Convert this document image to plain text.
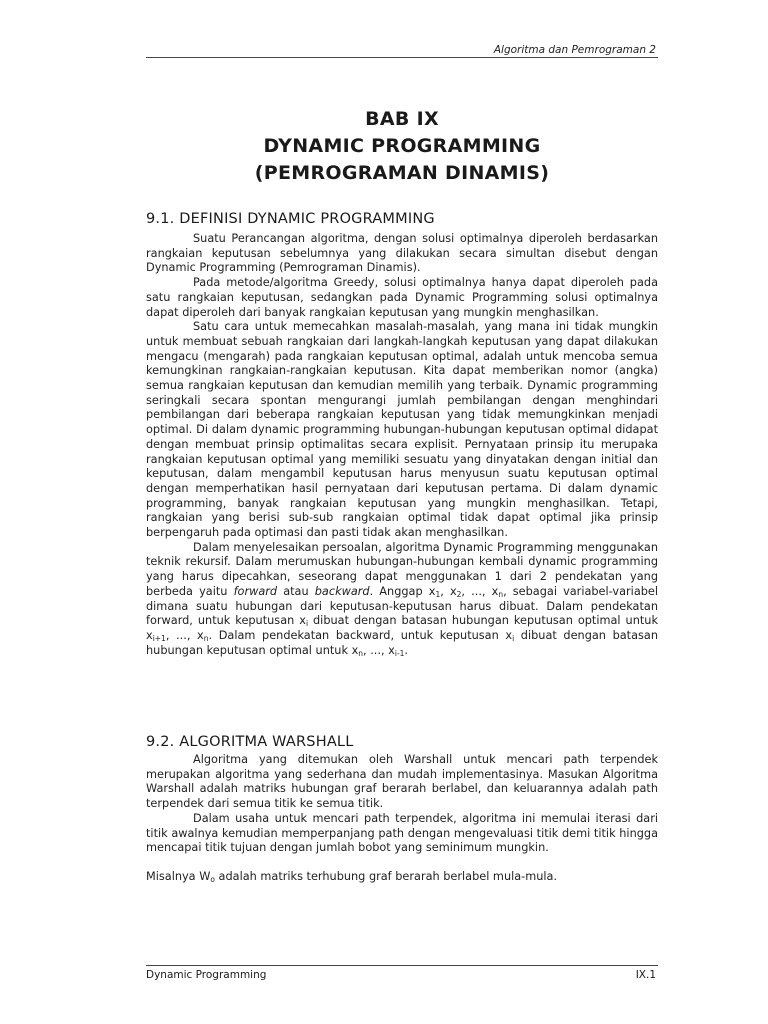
Algoritma dan Pemrograman 2
BAB IX
DYNAMIC PROGRAMMING
(PEMROGRAMAN DINAMIS)
9.1. DEFINISI DYNAMIC PROGRAMMING

Suatu Perancangan algoritma, dengan solusi optimalnya diperoleh berdasarkan rangkaian keputusan sebelumnya yang dilakukan secara simultan disebut dengan Dynamic Programming (Pemrograman Dinamis).

Pada metode/algoritma Greedy, solusi optimalnya hanya dapat diperoleh pada satu rangkaian keputusan, sedangkan pada Dynamic Programming solusi optimalnya dapat diperoleh dari banyak rangkaian keputusan yang mungkin menghasilkan.

Satu cara untuk memecahkan masalah-masalah, yang mana ini tidak mungkin untuk membuat sebuah rangkaian dari langkah-langkah keputusan yang dapat dilakukan mengacu (mengarah) pada rangkaian keputusan optimal, adalah untuk mencoba semua kemungkinan rangkaian-rangkaian keputusan. Kita dapat memberikan nomor (angka) semua rangkaian keputusan dan kemudian memilih yang terbaik. Dynamic programming seringkali secara spontan mengurangi jumlah pembilangan dengan menghindari pembilangan dari beberapa rangkaian keputusan yang tidak memungkinkan menjadi optimal. Di dalam dynamic programming hubungan-hubungan keputusan optimal didapat dengan membuat prinsip optimalitas secara explisit. Pernyataan prinsip itu merupaka rangkaian keputusan optimal yang memiliki sesuatu yang dinyatakan dengan initial dan keputusan, dalam mengambil keputusan harus menyusun suatu keputusan optimal dengan memperhatikan hasil pernyataan dari keputusan pertama. Di dalam dynamic programming, banyak rangkaian keputusan yang mungkin menghasilkan. Tetapi, rangkaian yang berisi sub-sub rangkaian optimal tidak dapat optimal jika prinsip berpengaruh pada optimasi dan pasti tidak akan menghasilkan.

Dalam menyelesaikan persoalan, algoritma Dynamic Programming menggunakan teknik rekursif. Dalam merumuskan hubungan-hubungan kembali dynamic programming yang harus dipecahkan, seseorang dapat menggunakan 1 dari 2 pendekatan yang berbeda yaitu forward atau backward. Anggap $x_1$, $x_2$, ..., $x_n$, sebagai variabel-variabel dimana suatu hubungan dari keputusan-keputusan harus dibuat. Dalam pendekatan forward, untuk keputusan $x_i$ dibuat dengan batasan hubungan keputusan optimal untuk $x_{i+1}$, ..., $x_n$. Dalam pendekatan backward, untuk keputusan $x_i$ dibuat dengan batasan hubungan keputusan optimal untuk $x_n$, ..., $x_{i-1}$.

9.2. ALGORITMA WARSHALL

Algoritma yang ditemukan oleh Warshall untuk mencari path terpendek merupakan algoritma yang sederhana dan mudah implementasinya. Masukan Algoritma Warshall adalah matriks hubungan graf berarah berlabel, dan keluarannya adalah path terpendek dari semua titik ke semua titik.

Dalam usaha untuk mencari path terpendek, algoritma ini memulai iterasi dari titik awalnya kemudian memperpanjang path dengan mengevaluasi titik demi titik hingga mencapai titik tujuan dengan jumlah bobot yang seminimum mungkin.

Misalnya $W_o$ adalah matriks terhubung graf berarah berlabel mula-mula.

Dynamic Programming	IX.1
